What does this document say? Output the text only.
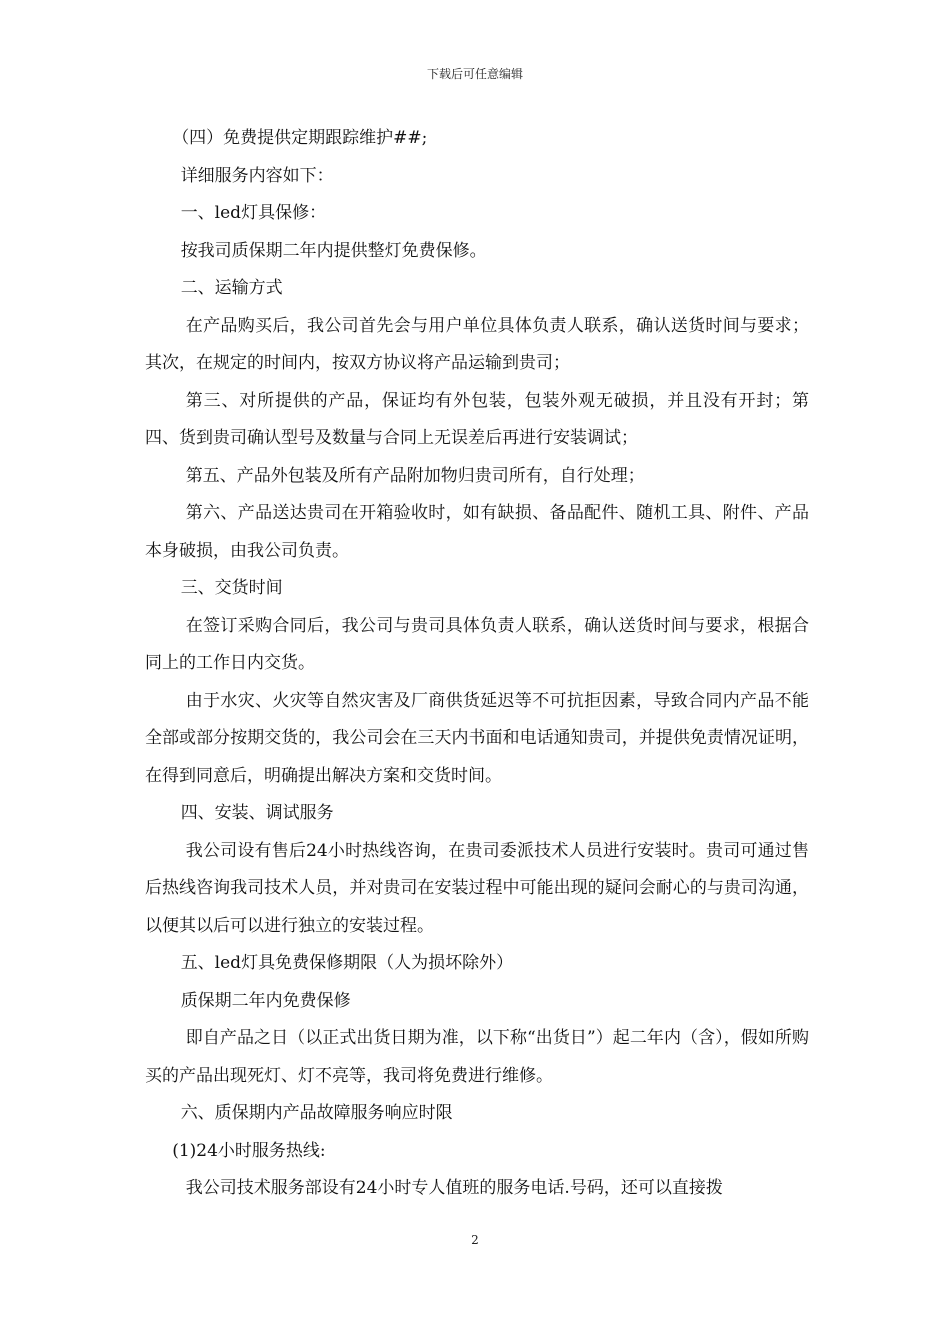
下载后可任意编辑

（四）免费提供定期跟踪维护##;

详细服务内容如下：

一、led灯具保修：

按我司质保期二年内提供整灯免费保修。

二、运输方式

在产品购买后，我公司首先会与用户单位具体负责人联系，确认送货时间与要求；其次，在规定的时间内，按双方协议将产品运输到贵司；

第三、对所提供的产品，保证均有外包装，包装外观无破损，并且没有开封；第四、货到贵司确认型号及数量与合同上无误差后再进行安装调试；

第五、产品外包装及所有产品附加物归贵司所有，自行处理；

第六、产品送达贵司在开箱验收时，如有缺损、备品配件、随机工具、附件、产品本身破损，由我公司负责。

三、交货时间

在签订采购合同后，我公司与贵司具体负责人联系，确认送货时间与要求，根据合同上的工作日内交货。

由于水灾、火灾等自然灾害及厂商供货延迟等不可抗拒因素，导致合同内产品不能全部或部分按期交货的，我公司会在三天内书面和电话通知贵司，并提供免责情况证明，在得到同意后，明确提出解决方案和交货时间。

四、安装、调试服务

我公司设有售后24小时热线咨询，在贵司委派技术人员进行安装时。贵司可通过售后热线咨询我司技术人员，并对贵司在安装过程中可能出现的疑问会耐心的与贵司沟通，以便其以后可以进行独立的安装过程。

五、led灯具免费保修期限（人为损坏除外）

质保期二年内免费保修

即自产品之日（以正式出货日期为准，以下称“出货日”）起二年内（含），假如所购买的产品出现死灯、灯不亮等，我司将免费进行维修。

六、质保期内产品故障服务响应时限

(1)24小时服务热线:

我公司技术服务部设有24小时专人值班的服务电话.号码，还可以直接拨

2
